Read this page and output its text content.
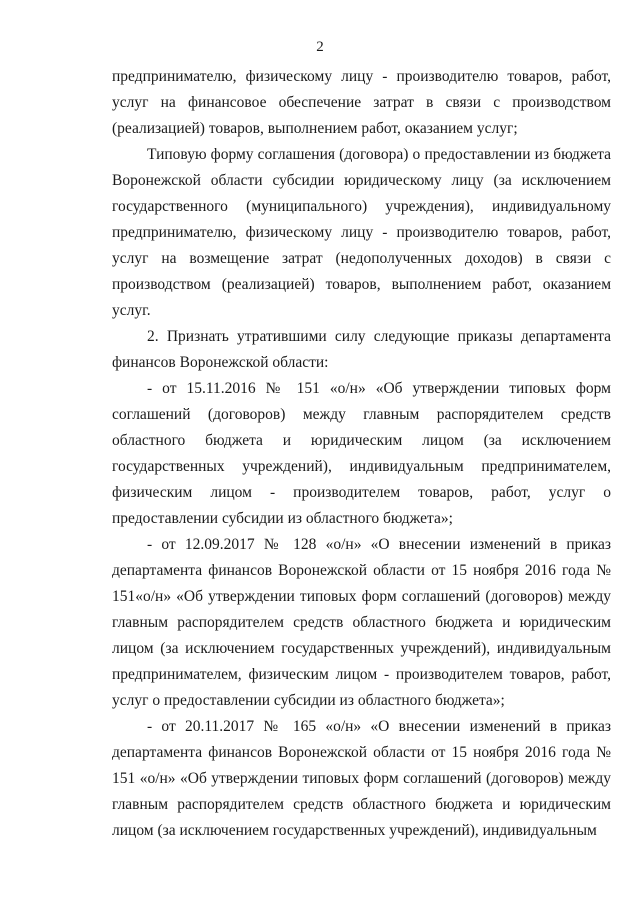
2

предпринимателю, физическому лицу - производителю товаров, работ, услуг на финансовое обеспечение затрат в связи с производством (реализацией) товаров, выполнением работ, оказанием услуг;

Типовую форму соглашения (договора) о предоставлении из бюджета Воронежской области субсидии юридическому лицу (за исключением государственного (муниципального) учреждения), индивидуальному предпринимателю, физическому лицу - производителю товаров, работ, услуг на возмещение затрат (недополученных доходов) в связи с производством (реализацией) товаров, выполнением работ, оказанием услуг.

2. Признать утратившими силу следующие приказы департамента финансов Воронежской области:

- от 15.11.2016 № 151 «о/н» «Об утверждении типовых форм соглашений (договоров) между главным распорядителем средств областного бюджета и юридическим лицом (за исключением государственных учреждений), индивидуальным предпринимателем, физическим лицом - производителем товаров, работ, услуг о предоставлении субсидии из областного бюджета»;

- от 12.09.2017 № 128 «о/н» «О внесении изменений в приказ департамента финансов Воронежской области от 15 ноября 2016 года № 151«о/н» «Об утверждении типовых форм соглашений (договоров) между главным распорядителем средств областного бюджета и юридическим лицом (за исключением государственных учреждений), индивидуальным предпринимателем, физическим лицом - производителем товаров, работ, услуг о предоставлении субсидии из областного бюджета»;

- от 20.11.2017 № 165 «о/н» «О внесении изменений в приказ департамента финансов Воронежской области от 15 ноября 2016 года № 151 «о/н» «Об утверждении типовых форм соглашений (договоров) между главным распорядителем средств областного бюджета и юридическим лицом (за исключением государственных учреждений), индивидуальным
